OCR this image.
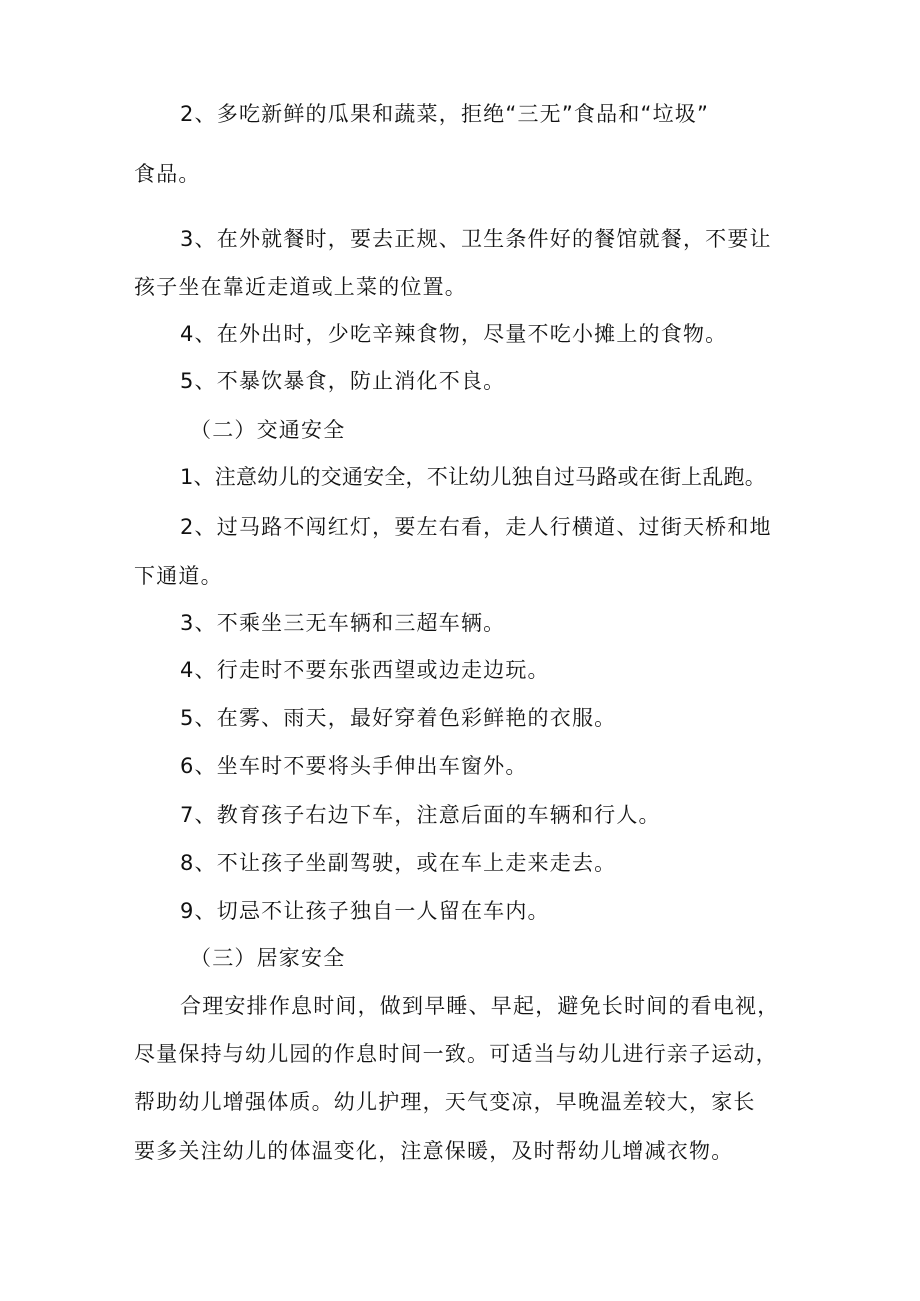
2、多吃新鲜的瓜果和蔬菜，拒绝“三无”食品和“垃圾”
食品。
3、在外就餐时，要去正规、卫生条件好的餐馆就餐，不要让
孩子坐在靠近走道或上菜的位置。
4、在外出时，少吃辛辣食物，尽量不吃小摊上的食物。
5、不暴饮暴食，防止消化不良。
（二）交通安全
1、注意幼儿的交通安全，不让幼儿独自过马路或在街上乱跑。
2、过马路不闯红灯，要左右看，走人行横道、过街天桥和地
下通道。
3、不乘坐三无车辆和三超车辆。
4、行走时不要东张西望或边走边玩。
5、在雾、雨天，最好穿着色彩鲜艳的衣服。
6、坐车时不要将头手伸出车窗外。
7、教育孩子右边下车，注意后面的车辆和行人。
8、不让孩子坐副驾驶，或在车上走来走去。
9、切忌不让孩子独自一人留在车内。
（三）居家安全
合理安排作息时间，做到早睡、早起，避免长时间的看电视，
尽量保持与幼儿园的作息时间一致。可适当与幼儿进行亲子运动，
帮助幼儿增强体质。幼儿护理，天气变凉，早晚温差较大，家长
要多关注幼儿的体温变化，注意保暖，及时帮幼儿增减衣物。
